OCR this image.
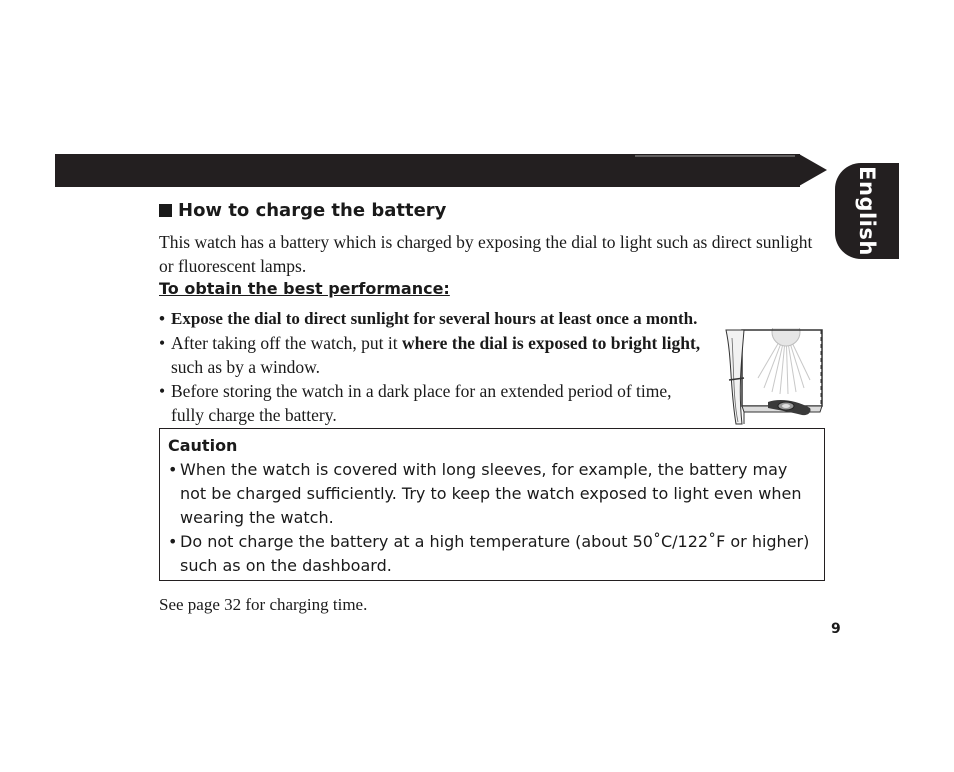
English
How to charge the battery

This watch has a battery which is charged by exposing the dial to light such as direct sunlight or fluorescent lamps.

To obtain the best performance:
• Expose the dial to direct sunlight for several hours at least once a month.
• After taking off the watch, put it where the dial is exposed to bright light, such as by a window.
• Before storing the watch in a dark place for an extended period of time, fully charge the battery.
Caution
• When the watch is covered with long sleeves, for example, the battery may not be charged sufficiently. Try to keep the watch exposed to light even when wearing the watch.
• Do not charge the battery at a high temperature (about 50˚C/122˚F or higher) such as on the dashboard.
See page 32 for charging time.
9
